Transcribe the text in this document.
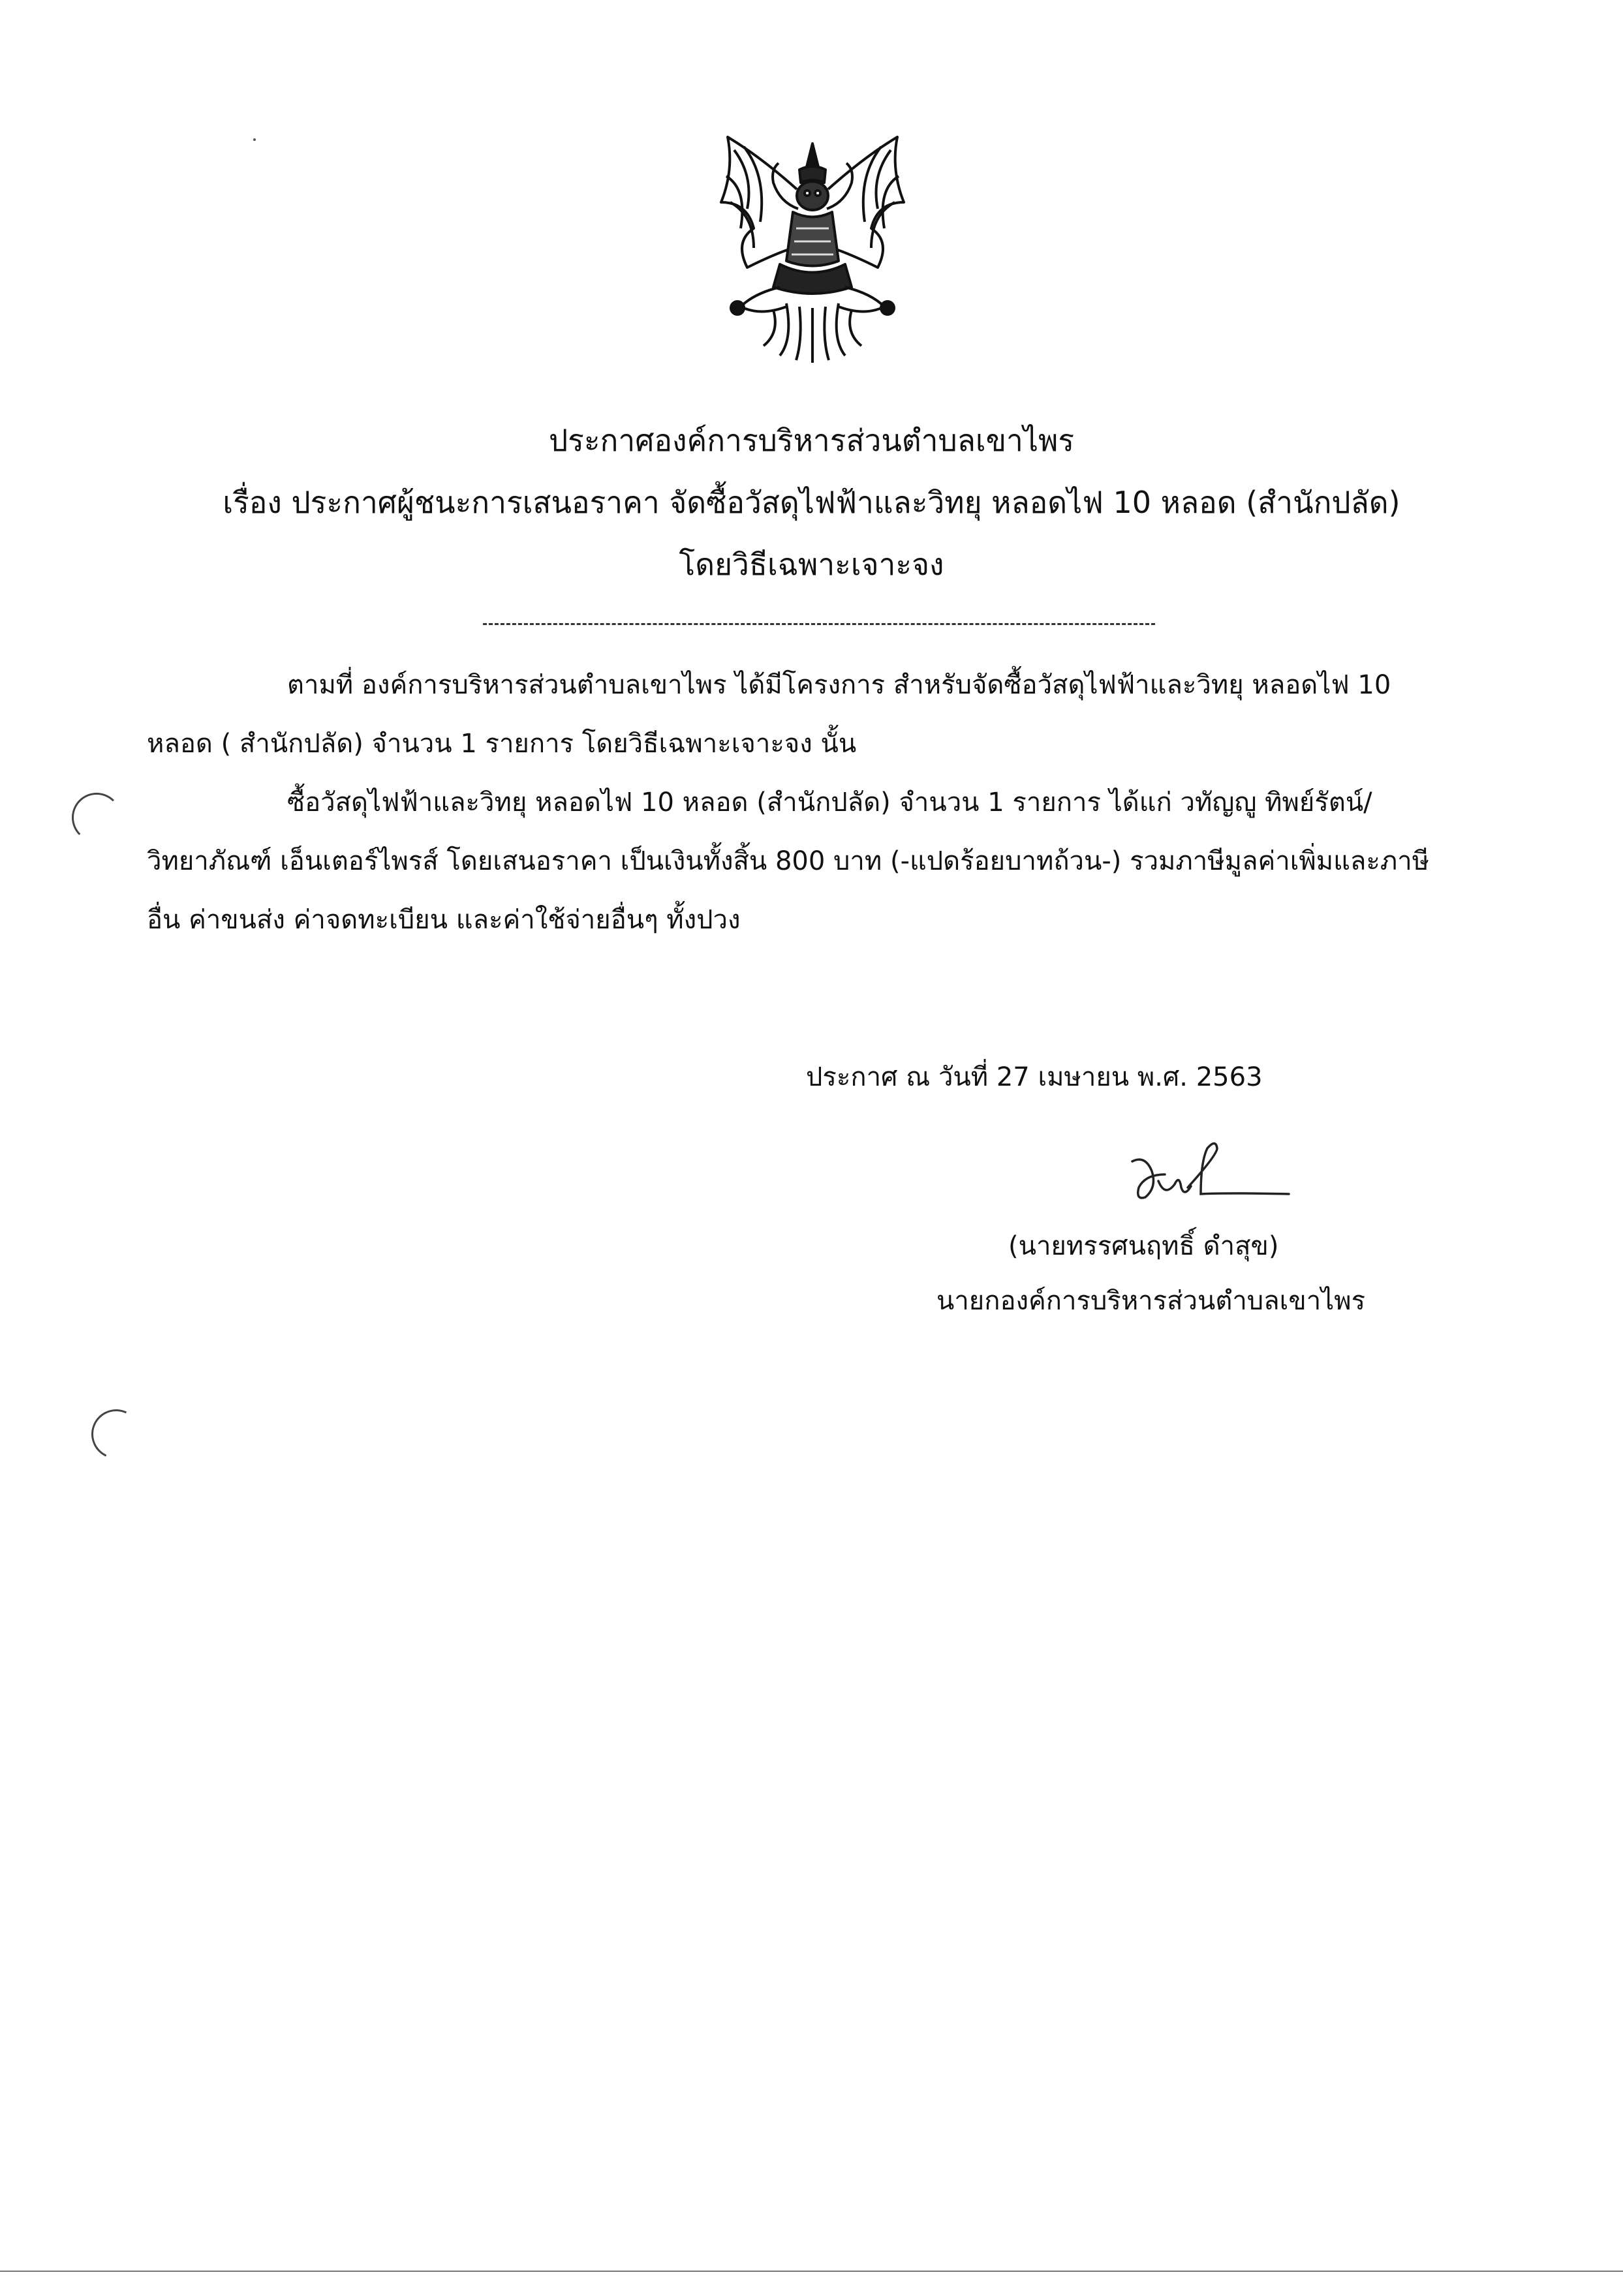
ประกาศองค์การบริหารส่วนตำบลเขาไพร
เรื่อง ประกาศผู้ชนะการเสนอราคา จัดซื้อวัสดุไฟฟ้าและวิทยุ หลอดไฟ 10 หลอด (สำนักปลัด)
โดยวิธีเฉพาะเจาะจง
ตามที่ องค์การบริหารส่วนตำบลเขาไพร ได้มีโครงการ สำหรับจัดซื้อวัสดุไฟฟ้าและวิทยุ หลอดไฟ 10
หลอด ( สำนักปลัด) จำนวน 1 รายการ โดยวิธีเฉพาะเจาะจง นั้น
ซื้อวัสดุไฟฟ้าและวิทยุ หลอดไฟ 10 หลอด (สำนักปลัด) จำนวน 1 รายการ ได้แก่ วทัญญู ทิพย์รัตน์/
วิทยาภัณฑ์ เอ็นเตอร์ไพรส์ โดยเสนอราคา เป็นเงินทั้งสิ้น 800 บาท (-แปดร้อยบาทถ้วน-) รวมภาษีมูลค่าเพิ่มและภาษี
อื่น ค่าขนส่ง ค่าจดทะเบียน และค่าใช้จ่ายอื่นๆ ทั้งปวง
ประกาศ ณ วันที่ 27 เมษายน พ.ศ. 2563
(นายทรรศนฤทธิ์ ดำสุข)
นายกองค์การบริหารส่วนตำบลเขาไพร
